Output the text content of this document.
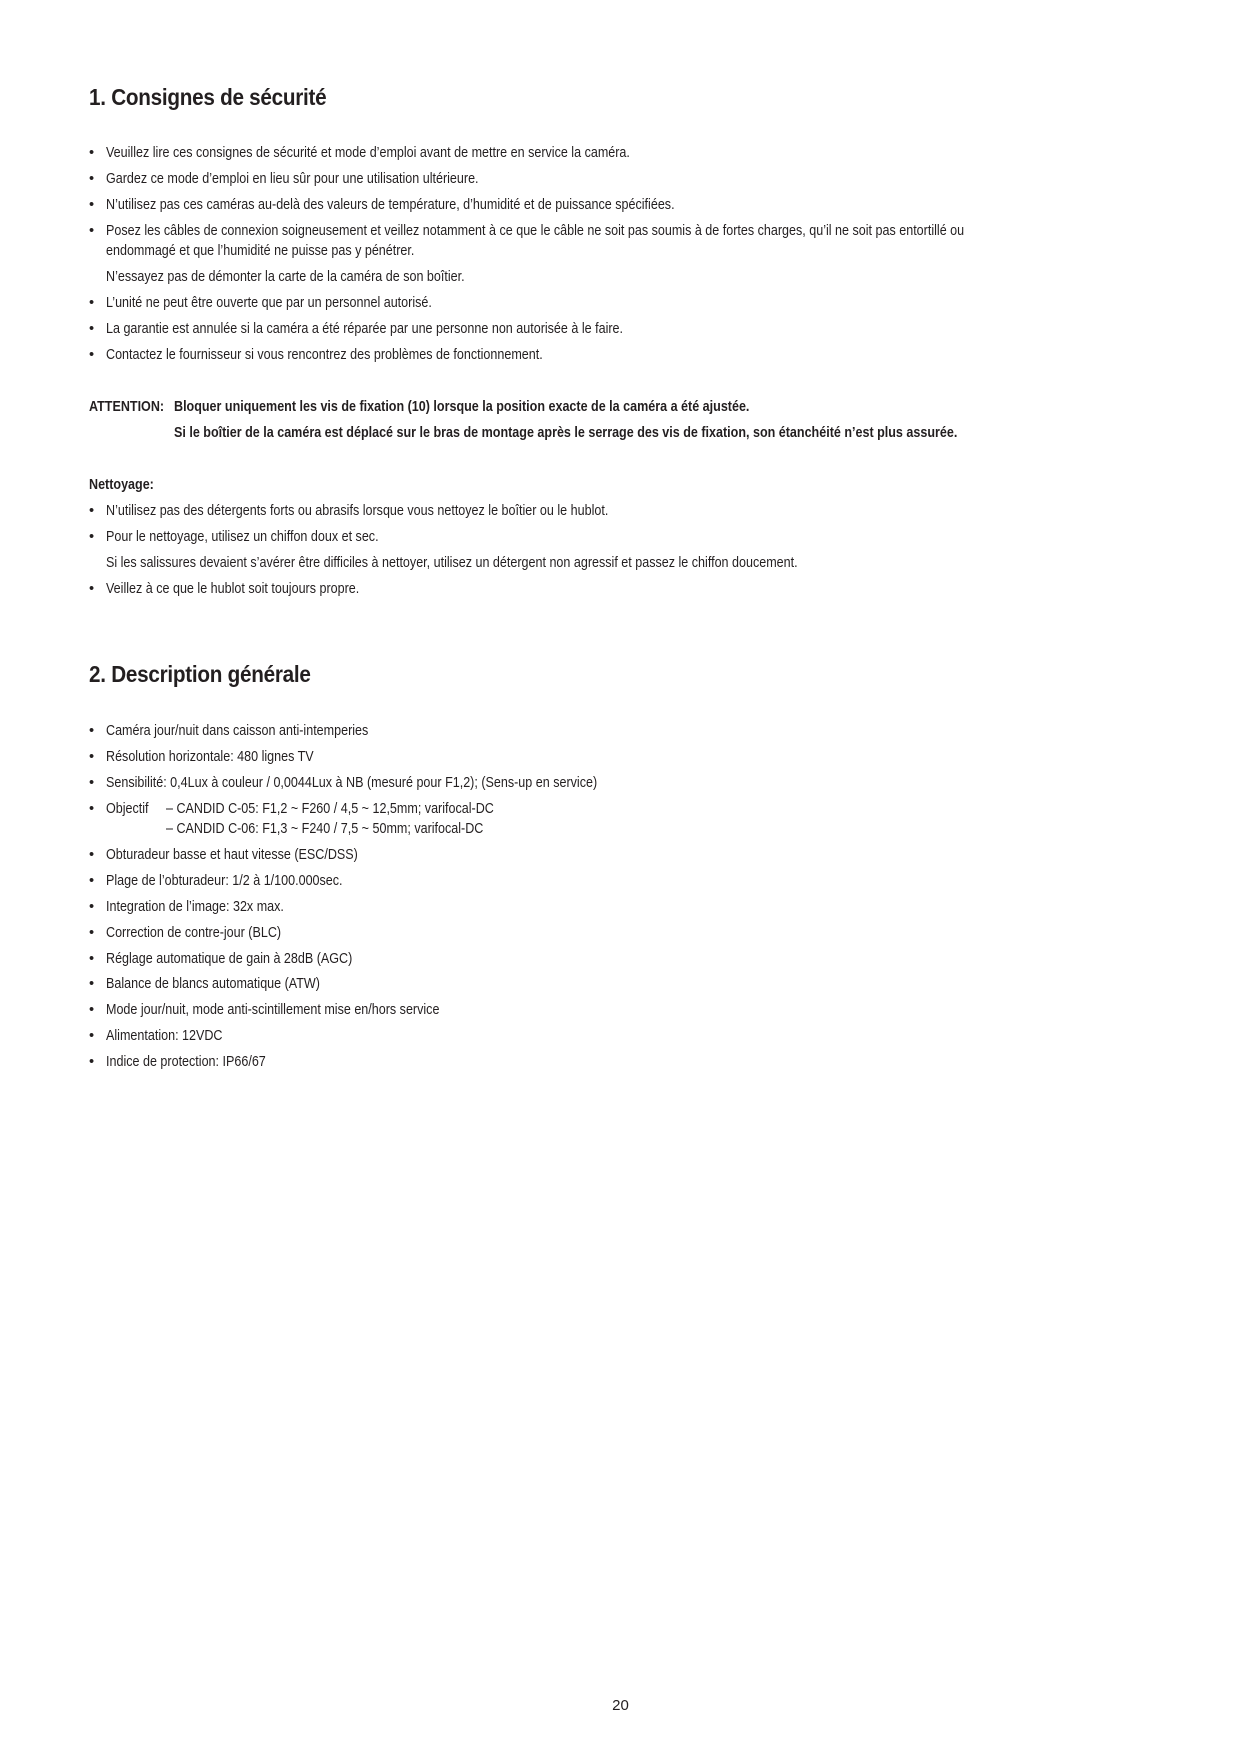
1. Consignes de sécurité
• Veuillez lire ces consignes de sécurité et mode d’emploi avant de mettre en service la caméra.
• Gardez ce mode d’emploi en lieu sûr pour une utilisation ultérieure.
• N’utilisez pas ces caméras au-delà des valeurs de température, d’humidité et de puissance spécifiées.
• Posez les câbles de connexion soigneusement et veillez notamment à ce que le câble ne soit pas soumis à de fortes charges, qu’il ne soit pas entortillé ou
endommagé et que l’humidité ne puisse pas y pénétrer.
N’essayez pas de démonter la carte de la caméra de son boîtier.
• L’unité ne peut être ouverte que par un personnel autorisé.
• La garantie est annulée si la caméra a été réparée par une personne non autorisée à le faire.
• Contactez le fournisseur si vous rencontrez des problèmes de fonctionnement.
ATTENTION: Bloquer uniquement les vis de fixation (10) lorsque la position exacte de la caméra a été ajustée.
Si le boîtier de la caméra est déplacé sur le bras de montage après le serrage des vis de fixation, son étanchéité n’est plus assurée.
Nettoyage:
• N’utilisez pas des détergents forts ou abrasifs lorsque vous nettoyez le boîtier ou le hublot.
• Pour le nettoyage, utilisez un chiffon doux et sec.
Si les salissures devaient s’avérer être difficiles à nettoyer, utilisez un détergent non agressif et passez le chiffon doucement.
• Veillez à ce que le hublot soit toujours propre.
2. Description générale
• Caméra jour/nuit dans caisson anti-intemperies
• Résolution horizontale: 480 lignes TV
• Sensibilité: 0,4Lux à couleur / 0,0044Lux à NB (mesuré pour F1,2); (Sens-up en service)
• Objectif – CANDID C-05: F1,2 ~ F260 / 4,5 ~ 12,5mm; varifocal-DC
– CANDID C-06: F1,3 ~ F240 / 7,5 ~ 50mm; varifocal-DC
• Obturadeur basse et haut vitesse (ESC/DSS)
• Plage de l’obturadeur: 1/2 à 1/100.000sec.
• Integration de l’image: 32x max.
• Correction de contre-jour (BLC)
• Réglage automatique de gain à 28dB (AGC)
• Balance de blancs automatique (ATW)
• Mode jour/nuit, mode anti-scintillement mise en/hors service
• Alimentation: 12VDC
• Indice de protection: IP66/67
20
